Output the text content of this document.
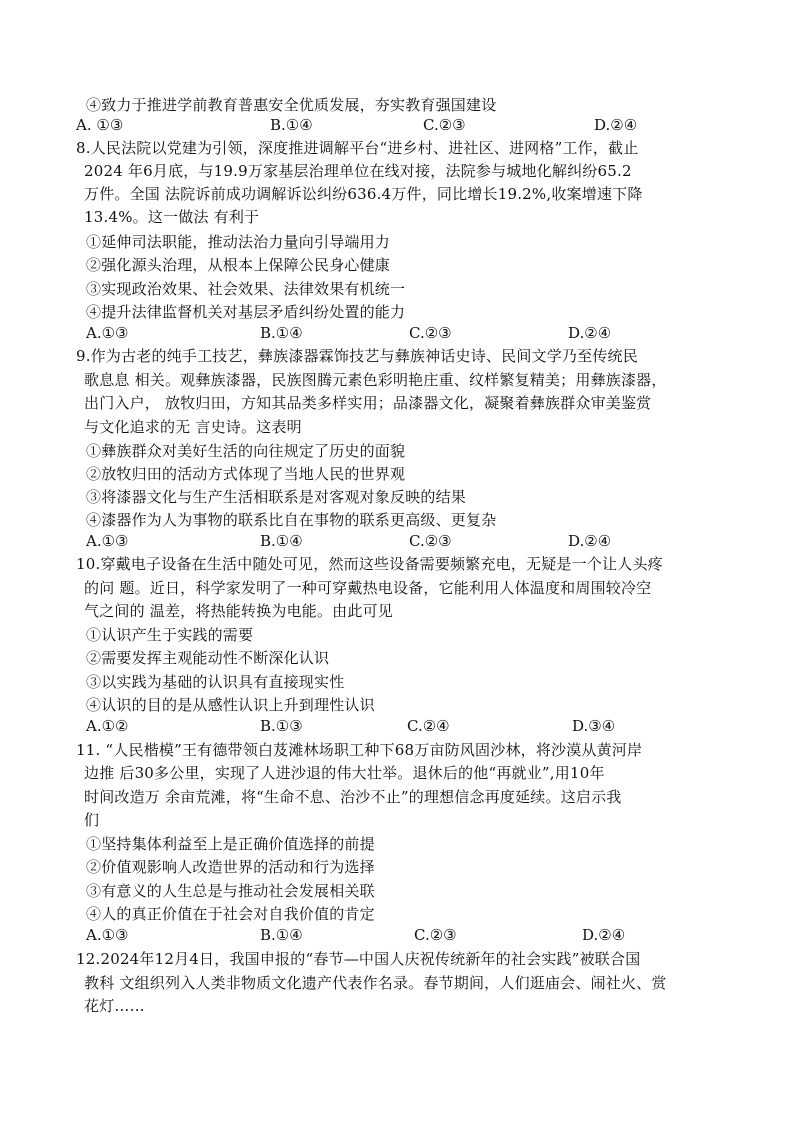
④致力于推进学前教育普惠安全优质发展，夯实教育强国建设
A. ①③	B.①④	C.②③	D.②④
8.人民法院以党建为引领，深度推进调解平台“进乡村、进社区、进网格”工作，截止
2024 年6月底，与19.9万家基层治理单位在线对接，法院参与城地化解纠纷65.2
万件。全国 法院诉前成功调解诉讼纠纷636.4万件，同比增长19.2%,收案增速下降
13.4%。这一做法 有利于
①延伸司法职能，推动法治力量向引导端用力
②强化源头治理，从根本上保障公民身心健康
③实现政治效果、社会效果、法律效果有机统一
④提升法律监督机关对基层矛盾纠纷处置的能力
A.①③	B.①④	C.②③	D.②④
9.作为古老的纯手工技艺，彝族漆器霖饰技艺与彝族神话史诗、民间文学乃至传统民
歌息息 相关。观彝族漆器，民族图腾元素色彩明艳庄重、纹样繁复精美；用彝族漆器，
出门入户， 放牧归田，方知其品类多样实用；品漆器文化，凝聚着彝族群众审美鉴赏
与文化追求的无 言史诗。这表明
①彝族群众对美好生活的向往规定了历史的面貌
②放牧归田的活动方式体现了当地人民的世界观
③将漆器文化与生产生活相联系是对客观对象反映的结果
④漆器作为人为事物的联系比自在事物的联系更高级、更复杂
A.①③	B.①④	C.②③	D.②④
10.穿戴电子设备在生活中随处可见，然而这些设备需要频繁充电，无疑是一个让人头疼
的问 题。近日，科学家发明了一种可穿戴热电设备，它能利用人体温度和周围较冷空
气之间的 温差，将热能转换为电能。由此可见
①认识产生于实践的需要
②需要发挥主观能动性不断深化认识
③以实践为基础的认识具有直接现实性
④认识的目的是从感性认识上升到理性认识
A.①②	B.①③	C.②④	D.③④
11. “人民楷模”王有德带领白芨滩林场职工种下68万亩防风固沙林，将沙漠从黄河岸
边推 后30多公里，实现了人进沙退的伟大壮举。退休后的他“再就业”,用10年
时间改造万 余亩荒滩，将“生命不息、治沙不止”的理想信念再度延续。这启示我
们
①坚持集体利益至上是正确价值选择的前提
②价值观影响人改造世界的活动和行为选择
③有意义的人生总是与推动社会发展相关联
④人的真正价值在于社会对自我价值的肯定
A.①③	B.①④	C.②③	D.②④
12.2024年12月4日，我国申报的“春节—中国人庆祝传统新年的社会实践”被联合国
教科 文组织列入人类非物质文化遗产代表作名录。春节期间，人们逛庙会、闹社火、赏
花灯……
